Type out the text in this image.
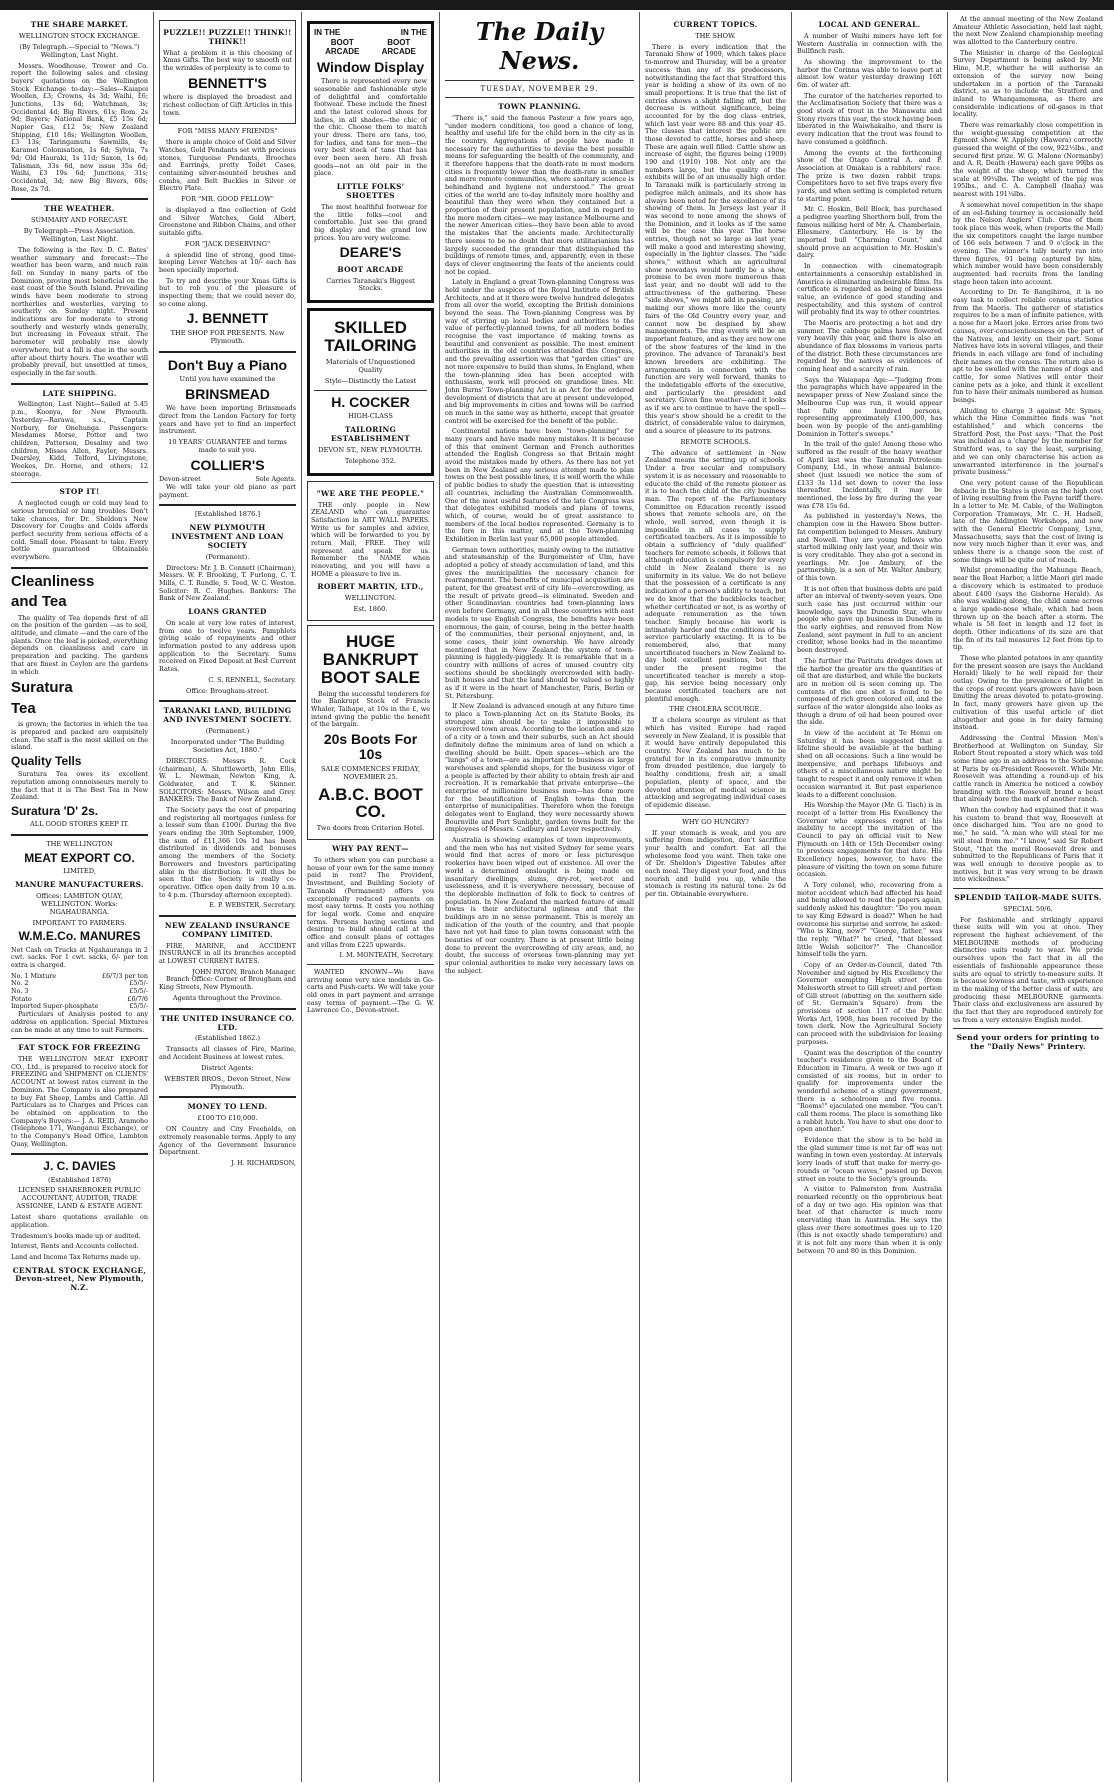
THE SHARE MARKET.
WELLINGTON STOCK EXCHANGE.
(By Telegraph.—Special to "News.") Wellington, Last Night.

Messrs. Woodhouse, Trower and Co. report the following sales and closing buyers' quotations on the Wellington Stock Exchange to-day:—Sales—Kaiapoi Woollen, £3; Crowns, 4s 3d; Waihi, £6; Junctions, 13s 6d; Watchman, 3s; Occidental 4d; Big Rivers, 61s; Rom. 2s 9d; Bayers; National Bank, £5 15s 6d; Napier Gas, £12 5s; New Zealand Shipping, £10 18s; Wellington Woollen, £3 13s; Taringamutu Sawmills, 4s; Karamel Colonisation, 1s 6d; Sylvia, 7s 9d; Old Hauraki, 1s 11d; Saxon, 1s 6d; Talisman, 33s 6d, new issue 35s 6d; Waihi, £3 19s 6d; Junctions, 31s; Occidental, 3d; new Big Rivers, 60s; Rose, 2s 7d.

THE WEATHER.
SUMMARY AND FORECAST.
By Telegraph—Press Association. Wellington, Last Night.

The following is the Rev. D. C. Bates' weather summary and forecast:—The weather has been warm, and much rain fell on Sunday in many parts of the Dominion, proving most beneficial on the east coast of the South Island. Prevailing winds have been moderate to strong northerlies and westerlies, varying to southerly on Sunday night. Present indications are for moderate to strong southerly and westerly winds generally, but increasing in Foveaux strait. The barometer will probably rise slowly everywhere, but a fall is due in the south after about thirty hours. The weather will probably prevail, but unsettled at times, especially in the far south.

LATE SHIPPING.

Wellington, Last Night—Sailed at 5.45 p.m., Koonya, for New Plymouth. Yesterday—Rarawa, s.s., Captain Norbury, for Onehunga. Passengers: Mesdames Morse, Potter and two children, Patterson, Desalmy and two children, Misses Allen, Fayler, Messrs. Dearsley, Kidd, Telford, Livingstone, Weekes, Dr. Horne, and others; 12 steerage.

STOP IT!

A neglected cough or cold may lead to serious bronchial or lung troubles. Don't take chances, for Dr. Sheldon's New Discovery for Coughs and Colds affords perfect security from serious effects of a cold. Small dose. Pleasant to take. Every bottle guaranteed Obtainable everywhere.

Cleanliness
and Tea

The quality of Tea depends first of all on the position of the garden —as to soil, altitude, and climate —and the care of the plants. Once the leaf is picked, everything depends on cleanliness and care in preparation and packing. The gardens that are finest in Ceylon are the gardens in which

Suratura
Tea

is grown; the factories in which the tea is prepared and packed are exquisitely clean. The staff is the most skilled on the island.

Quality Tells

Suratura Tea owes its excellent reputation among connoisseurs merely to the fact that it is The Best Tea in New Zealand.

Suratura 'D' 2s.
ALL GOOD STORES KEEP IT.
THE WELLINGTON
MEAT EXPORT CO.
LIMITED,
MANURE MANUFACTURERS.
Offices: LAMBTON QUAY, WELLINGTON. Works: NGAHAURANGA.
IMPORTANT TO FARMERS.
W.M.E.Co. MANURES

Net Cash on Trucks at Ngahauranga in 2 cwt. sacks. For 1 cwt. sacks, 6/- per ton extra is charged.

No. 1 Mixture	£6/7/3 per ton
No. 2	£5/5/-
No. 3	£5/5/-
Potato	£6/7/6
Imported Super-phosphate	£5/5/-

Particulars of Analysis posted to any address on application. Special Mixtures can be made at any time to suit Farmers.

FAT STOCK FOR FREEZING

THE WELLINGTON MEAT EXPORT CO., Ltd., is prepared to receive stock for FREEZING and SHIPMENT on CLIENTS' ACCOUNT at lowest rates current in the Dominion. The Company is also prepared to buy Fat Sheep, Lambs and Cattle. All Particulars as to Charges and Prices can be obtained on application to the Company's Buyers:— J. A. REID, Aramoho (Telephone 171, Wanganui Exchange), or to the Company's Head Office, Lambton Quay, Wellington.

J. C. DAVIES
(Established 1876)
LICENSED SHAREBROKER PUBLIC ACCOUNTANT, AUDITOR, TRADE ASSIGNEE, LAND & ESTATE AGENT.

Latest share quotations available on application.

Tradesmen's books made up or audited.

Interest, Rents and Accounts collected.

Land and Income Tax Returns made up.

CENTRAL STOCK EXCHANGE, Devon-street, New Plymouth, N.Z.
PUZZLE!! PUZZLE!! THINK!! THINK!!

What a problem it is this choosing of Xmas Gifts. The best way to smooth out the wrinkles of perplexity is to come to

BENNETT'S

where is displayed the broadest and richest collection of Gift Articles in this town.

FOR "MISS MANY FRIENDS"

there is ample choice of Gold and Silver Watches, Gold Pendants set with precious stones, Turquoise Pendants, Brooches and Earrings, pretty Toilet Cases, containing silver-mounted brushes and combs, and Belt Buckles in Silver or Electro Plate.

FOR "MR. GOOD FELLOW"

is displayed a fine collection of Gold and Silver Watches, Gold Albert, Greenstone and Ribbon Chains, and other suitable gifts.

FOR "JACK DESERVING"

a splendid line of strong, good time-keeping Lever Watches at 10/- each has been specially imported.

To try and describe your Xmas Gifts is but to rob you of the pleasure of inspecting them; that we could never do, so come along.

J. BENNETT
THE SHOP FOR PRESENTS. New Plymouth.
Don't Buy a Piano
Until you have examined the
BRINSMEAD

We have been importing Brinsmeads direct from the London Factory for forty years and have yet to find an imperfect instrument.

10 YEARS' GUARANTEE and terms made to suit you.
COLLIER'S
Devon-street	Sole Agents.

We will take your old piano as part payment.

[Established 1876.]
NEW PLYMOUTH INVESTMENT AND LOAN SOCIETY
(Permanent).

Directors: Mr. J. B. Connett (Chairman), Messrs. W. F. Brooking, T. Furlong, C. T. Mills, C. T. Rundle, S. Teed, W. C. Weston. Solicitor: R. C. Hughes. Bankers: The Bank of New Zealand.

LOANS GRANTED

On scale at very low rates of interest, from one to twelve years. Pamphlets giving scale of repayments and other information posted to any address upon application to the Secretary. Sums received on Fixed Deposit at Best Current Rates.

C. S. RENNELL, Secretary.
Office: Brougham-street.
TARANAKI LAND, BUILDING AND INVESTMENT SOCIETY.
(Permanent.)
Incorporated under "The Building Societies Act, 1880."

DIRECTORS: Messrs R. Cock (chairman), A. Shuttleworth, John Ellis, W. L. Newman, Newton King, A. Goldwater, and T. K. Skinner. SOLICITORS: Messrs. Wilson and Grey. BANKERS: The Bank of New Zealand.

The Society pays the cost of preparing and registering all mortgages (unless for a lesser sum than £100). During the five years ending the 30th September, 1909, the sum of £11,366 10s 1d has been distributed in dividends and bonuses among the members of the Society. Borrowers and Investors participating alike in the distribution. It will thus be seen that the Society is really co-operative. Office open daily from 10 a.m. to 4 p.m. (Thursday afternoon excepted).

E. P. WEBSTER, Secretary.
NEW ZEALAND INSURANCE COMPANY LIMITED.

FIRE, MARINE, and ACCIDENT INSURANCE in all its branches accepted at LOWEST CURRENT RATES.

JOHN PATON, Branch Manager.

Branch Office: Corner of Brougham and King Streets, New Plymouth.

Agents throughout the Province.
THE UNITED INSURANCE CO. LTD.
(Established 1862.)

Transacts all classes of Fire, Marine, and Accident Business at lowest rates.

District Agents:
WEBSTER BROS., Devon Street, New Plymouth.
MONEY TO LEND.
£100 TO £10,000.

ON Country and City Freeholds, on extremely reasonable terms. Apply to any Agency of the Government Insurance Department.

J. H. RICHARDSON,
IN THE	IN THE
BOOT ARCADE
BOOT ARCADE
Window Display

There is represented every new seasonable and fashionable style of delightful and comfortable footwear. These include the finest and the latest colored shoes for ladies, in all shades—the chic of the chic. Choose them to match your dress. There are tans, too, for ladies, and tans for men—the very best stock of tans that has ever been seen here. All fresh goods—not an old pair in the place.

LITTLE FOLKS' SHOETTES

The most healthful footwear for the little folks—cool and comfortable. Just see the grand big display and the grand low prices. You are very welcome.

DEARE'S
BOOT ARCADE
Carries Taranaki's Biggest Stocks.
SKILLED TAILORING
Materials of Unquestioned Quality
Style—Distinctly the Latest
H. COCKER
HIGH-CLASS
TAILORING ESTABLISHMENT
DEVON ST., NEW PLYMOUTH.
Telephone 352.
"WE ARE THE PEOPLE."

THE only people in New ZEALAND who can guarantee Satisfaction in ART WALL PAPERS. Write us for samples and advice, which will be forwarded to you by return Mail, FREE. They will represent and speak for us. Remember the NAME when renovating, and you will have a HOME a pleasure to live in.

ROBERT MARTIN, LTD.,
WELLINGTON.
Est. 1860.
HUGE BANKRUPT BOOT SALE

Being the successful tenderers for the Bankrupt Stock of Francis Whaler, Taihape, at 10s in the £, we intend giving the public the benefit of the bargain.

20s Boots For 10s
SALE COMMENCES FRIDAY, NOVEMBER 25.
A.B.C. BOOT CO.
Two doors from Criterion Hotel.
WHY PAY RENT—

To others when you can purchase a house of your own for the same money paid in rent? The Provident, Investment, and Building Society of Taranaki (Permanent) offers you exceptionally reduced payments on most easy terms. It costs you nothing for legal work. Come and enquire terms. Persons having sections and desiring to build should call at the office and consult plans of cottages and villas from £225 upwards.

I. M. MONTEATH, Secretary.

WANTED KNOWN—We have arriving some very nice models in Go-carts and Push-carts. We will take your old ones in part payment and arrange easy terms of payment.—The G. W. Lawrence Co., Devon-street.

The Daily News.
TUESDAY, NOVEMBER 29.
TOWN PLANNING.

"There is," said the famous Pasteur a few years ago, "under modern conditions, too good a chance of long, healthy and useful life for the child born in the city as in the country. Aggregations of people have made it necessary for the authorities to devise the best possible means for safeguarding the health of the community, and it therefore happens that the death-rate in most modern cities is frequently lower than the death-rate in smaller and more remote communities, where sanitary science is behindhand and hygiene not understood." The great cities of the world are to-day infinitely more healthy and beautiful than they were when they contained but a proportion of their present population, and in regard to the more modern cities—we may instance Melbourne and the newer American cities—they have been able to avoid the mistakes that the ancients made. Architecturally there seems to be no doubt that more utilitarianism has largely succeeded the grandeur that distinguished the buildings of remote times, and, apparently, even in these days of clever engineering the feats of the ancients could not be copied.

Lately in England a great Town-planning Congress was held under the auspices of the Royal Institute of British Architects, and at it there were twelve hundred delegates from all over the world, excepting the British dominions beyond the seas. The Town-planning Congress was by way of stirring up local bodies and authorities to the value of perfectly-planned towns, for all modern bodies recognise the vast importance of making towns as beautiful and convenient as possible. The most eminent authorities in the old countries attended this Congress, and the prevailing assertion was that "garden cities" are not more expensive to build than slums. In England, when the town-planning idea has been accepted with enthusiasm, work will proceed on grandiose lines. Mr. John Burns' Town-planning Act is an Act for the ordered development of districts that are at present undeveloped, and big improvements in cities and towns will be carried on much in the same way as hitherto, except that greater control will be exercised for the benefit of the public.

Continental nations have been "town-planning" for many years and have made many mistakes. It is because of this that eminent German and French authorities attended the English Congress so that Britain might avoid the mistakes made by others. As there has not yet been in New Zealand any serious attempt made to plan towns on the best possible lines, it is well worth the while of public bodies to study the question that is interesting all countries, including the Australian Commonwealth. One of the most useful features of the late Congress was that delegates exhibited models and plans of towns, which, of course, would be of great assistance to members of the local bodies represented. Germany is to the fore in this matter, and at the Town-planning Exhibition in Berlin last year 65,000 people attended.

German town authorities, mainly owing to the initiative and statesmanship of the Burgomeister of Ulm, have adopted a policy of steady accumulation of land, and this gives the municipalities the necessary chance for rearrangement. The benefits of municipal acquisition are patent, for the greatest evil of city life—overcrowding, as the result of private greed—is eliminated. Sweden and other Scandinavian countries had town-planning laws even before Germany, and in all these countries with east models to use English Congress, the benefits have been enormous, the gain, of course, being in the better health of the communities, their personal enjoyment, and, in some cases, their joint ownership. We have already mentioned that in New Zealand the system of town-planning is higgledy-piggledy. It is remarkable that in a country with millions of acres of unused country city sections should be shockingly overcrowded with badly-built houses and that the land should be valued so highly as if it were in the heart of Manchester, Paris, Berlin or St. Petersburg.

If New Zealand is advanced enough at any future time to place a Town-planning Act on its Statute Books, its strongest aim should be to make it impossible to overcrowd town areas. According to the location and size of a city or a town and their suburbs, such an Act should definitely define the minimum area of land on which a dwelling should be built. Open spaces—which are the "lungs" of a town—are as important to business as large warehouses and splendid shops, for the business vigor of a people is affected by their ability to obtain fresh air and recreation. It is remarkable that private enterprise—the enterprise of millionaire business men—has done more for the beautification of English towns than the enterprise of municipalities. Therefore when the foreign delegates went to England, they were necessarily shown Bournville and Port Sunlight, garden towns built for the employees of Messrs. Cadbury and Lever respectively.

Australia is showing examples of town improvements, and the men who has not visited Sydney for some years would find that acres of more or less picturesque rookeries have been wiped out of existence. All over the world a determined onslaught is being made on insanitary dwellings, slums, dry-rot, wet-rot and uselessness, and it is everywhere necessary, because of the deplorable inclination of folk to flock to centres of population. In New Zealand the marked feature of small towns is their architectural ugliness and that the buildings are in no sense permanent. This is merely an indication of the youth of the country, and that people have not yet had time to plan towns consonant with the beauties of our country. There is at present little being done to prevent the overcrowding of city areas, and, no doubt, the success of overseas town-planning may yet spur colonial authorities to make very necessary laws on the subject.

CURRENT TOPICS.
THE SHOW.

There is every indication that the Taranaki Show of 1909, which takes place to-morrow and Thursday, will be a greater success than any of its predecessors, notwithstanding the fact that Stratford this year is holding a show of its own of no small proportions. It is true that the list of entries shows a slight falling off, but the decrease is without significance, being accounted for by the dog class entries, which last year were 88 and this year 45. The classes that interest the public are those devoted to cattle, horses and sheep. These are again well filled. Cattle show an increase of eight, the figures being (1909) 190 and (1910) 198. Not only are the numbers large, but the quality of the exhibits will be of an unusually high order. In Taranaki milk is particularly strong in pedigree milch animals, and its show has always been noted for the excellence of its showing of them. In Jerseys last year it was second to none among the shows of the Dominion, and it looks as if the same will be the case this year. The horse entries, though not so large as last year, will make a good and interesting showing, especially in the lighter classes. The "side shows," without which an agricultural show nowadays would hardly be a show, promise to be even more numerous than last year, and no doubt will add to the attractiveness of the gathering. These "side shows," we might add in passing, are making our shows more like the county fairs of the Old Country every year, and cannot now be despised by show managements. The ring events will be an important feature, and as they are now one of the show features of the kind in the province. The advance of Taranaki's best known breeders are exhibiting. The arrangements in connection with the function are very well forward, thanks to the indefatigable efforts of the executive, and particularly the president and secretary. Given fine weather—and it looks as if we are to continue to have the spell—this year's show should be a credit to the district, of considerable value to dairymen, and a source of pleasure to its patrons.

REMOTE SCHOOLS.

The advance of settlement in New Zealand means the setting up of schools. Under a free secular and compulsory system it is as necessary and reasonable to educate the child of the remote pioneer as it is to teach the child of the city business man. The report of the Parliamentary Committee on Education recently issued shows that remote schools are, on the whole, well served, even though it is impossible in all cases to supply certificated teachers. As it is impossible to obtain a sufficiency of "duly qualified" teachers for remote schools, it follows that although education is compulsory for every child in New Zealand there is no uniformity in its value. We do not believe that the possession of a certificate is any indication of a person's ability to teach, but we do know that the backblocks teacher, whether certificated or not, is as worthy of adequate remuneration as the town teacher. Simply because his work is intimately harder and the conditions of his service particularly exacting. It is to be remembered, also, that many uncertificated teachers in New Zealand to-day hold excellent positions, but that under the present regime the uncertificated teacher is merely a stop-gap, his service being necessary only because certificated teachers are not plentiful enough.

THE CHOLERA SCOURGE.

If a cholera scourge as virulent as that which has visited Europe had raged severely in New Zealand, it is possible that it would have entirely depopulated this country. New Zealand has much to be grateful for in its comparative immunity from dreaded pestilence, due largely to healthy conditions, fresh air, a small population, plenty of space, and the devoted attention of medical science in attacking and segregating individual cases of epidemic disease.

WHY GO HUNGRY?

If your stomach is weak, and you are suffering from indigestion, don't sacrifice your health and comfort. Eat all the wholesome food you want. Then take one of Dr. Sheldon's Digestive Tabules after each meal. They digest your food, and thus nourish and build you up, while the stomach is resting its natural tone. 2s 6d per tin. Obtainable everywhere.

LOCAL AND GENERAL.

A number of Waihi miners have left for Western Australia in connection with the Bullfinch rush.

As showing the improvement to the harbor the Corinna was able to leave port at almost low water yesterday drawing 16ft 6in. of water aft.

The curator of the hatcheries reported to the Acclimatisation Society that there was a good stock of trout in the Manawatu and Stony rivers this year, the stock having been liberated in the Waiwhakaiho, and there is every indication that the trout was found to have consumed a goldfinch.

Among the events at the forthcoming show of the Otago Central A. and P. Association at Omakau is a rabbiters' race. The prize is two dozen rabbit traps. Competitors have to set five traps every five yards, and when setting is completed return to starting point.

Mr. C. Hoskin, Bell Block, has purchased a pedigree yearling Shorthorn bull, from the famous milking herd of Mr. A. Chamberlain, Ellesmere, Canterbury. He is by the imported bull "Charming Count," and should prove an acquisition to Mr. Hoskin's dairy.

In connection with cinematograph entertainments a censorship established in America is eliminating undesirable films. Its certificate is regarded as being of business value, an evidence of good standing and respectability, and this system of control will probably find its way to other countries.

The Maoris are protecting a hot and dry summer. The cabbage palms have flowered very heavily this year, and there is also an abundance of flax blossoms in various parts of the district. Both these circumstances are regarded by the natives as evidences of coming heat and a scarcity of rain.

Says the Waiapapa Age:—"Judging from the paragraphs which have appeared in the newspaper press of New Zealand since the Melbourne Cup was run, it would appear that fully one hundred persons, representing approximately £100,000, has been won by people of the anti-gambling Dominion in Totter's sweeps."

In the trail of the gale! Among those who suffered as the result of the heavy weather of April last was the Taranaki Petroleum Company, Ltd., in whose annual balance-sheet (just issued) we notice the sum of £133 3s 11d set down to cover the loss thereafter. Incidentally, it may be mentioned, the loss by fire during the year was £78 15s 6d.

As published in yesterday's News, the champion cow in the Hawera Show butter-fat competition belonged to Messrs. Ambury and Nowell. They are young fellows who started milking only last year, and their win is very creditable. They also got a second in yearlings. Mr. Joe Ambury, of the partnership, is a son of Mr. Walter Ambury, of this town.

It is not often that business debts are paid after an interval of twenty-seven years. One such case has just occurred within our knowledge, says the Dunedin Star, where people who gave up business in Dunedin in the early eighties, and removed from New Zealand, sent payment in full to an ancient creditor, whose books had in the meantime been destroyed.

The further the Paritutu dredges down at the harbor the greater are the quantities of oil that are disturbed, and while the buckets are in motion oil is seen coming up. The contents of the one shot is found to be composed of rich green colored oil, and the surface of the water alongside also looks as though a drum of oil had been poured over the side.

In view of the accident at Te Henui on Saturday it has been suggested that a lifeline should be available at the bathing shed on all occasions. Such a line would be inexpensive, and perhaps lifebuoys and others of a miscellaneous nature might be taught to respect it and only remove it when occasion warranted it. But past experience leads to a different conclusion.

His Worship the Mayor (Mr. G. Tisch) is in receipt of a letter from His Excellency the Governor who expresses regret at his inability to accept the invitation of the Council to pay an official visit to New Plymouth on 14th or 15th December owing to previous engagements for that date. His Excellency hopes, however, to have the pleasure of visiting the town on some future occasion.

A Tory colonel, who, recovering from a motor accident which had affected his head and being allowed to read the papers again, suddenly asked his daughter: "Do you mean to say King Edward is dead?" When he had overcome his surprise and sorrow, he asked: "Who is King, now?" "George, father," was the reply. "What?" he cried, "that blessed little Welsh solicitor?" The Chancellor himself tells the yarn.

Copy of an Order-in-Council, dated 7th November and signed by His Excellency the Governor exempting High street (from Molesworth street to Gill street) and portion of Gill street (abutting on the southern side of St. Germain's Square) from the provisions of section 117 of the Public Works Act, 1908, has been received by the town clerk. Now the Agricultural Society can proceed with the subdivision for leasing purposes.

Quaint was the description of the country teacher's residence given to the Board of Education in Timaru. A week or two ago it consisted of six rooms, but in order to qualify for improvements under the wonderful scheme of a stingy government, there is a schoolroom and five rooms. "Rooms!" ejaculated one member. "You can't call them rooms. The place is something like a rabbit hutch. You have to shut one door to open another."

Evidence that the show is to be held in the glad summer time is not far off was not wanting in town even yesterday. At intervals lorry loads of stuff that make for merry-go-rounds or "ocean waves," passed up Devon street en route to the Society's grounds.

A visitor to Palmerston from Australia remarked recently on the opprobrious heat of a day or two ago. His opinion was that heat of that character is much more enervating than in Australia. He says the glass over there sometimes goes up to 120 (this is not exactly shade temperature) and it is not felt any more than when it is only between 70 and 80 in this Dominion.

At the annual meeting of the New Zealand Amateur Athletic Association, held last night, the next New Zealand championship meeting was allotted to the Canterbury centre.

The Minister in charge of the Geological Survey Department is being asked by Mr. Hine, M.P., whether he will authorise an extension of the survey now being undertaken in a portion of the Taranaki district, so as to include the Stratford and inland to Whangamomona, as there are considerable indications of oil-gases in that locality.

There was remarkably close competition in the weight-guessing competition at the Egmont show. W. Appleby (Hawera) correctly guessed the weight of the cow, 922½lbs., and secured first prize. W. G. Malone (Normanby) and A. R. Death (Hawera) each gave 99lbs as the weight of the sheep, which turned the scale at 99¼lbs. The weight of the pig was 195lbs., and C. A. Campbell (Inaha) was nearest with 191¼lbs.

A somewhat novel competition in the shape of an eel-fishing tourney is occasionally held by the Nelson Anglers' Club. One of them took place this week, when (reports the Mail) the six competitors caught the large number of 166 eels between 7 and 9 o'clock in the evening. The winner's tally nearly ran into three figures, 91 being captured by him, which number would have been considerably augmented had recruits from the landing stage been taken into account.

According to Dr. Te Rangihiroa, it is no easy task to collect reliable census statistics from the Maoris. The gatherer of statistics requires to be a man of infinite patience, with a nose for a Maori joke. Errors arise from two causes, over-conscientiousness on the part of the Natives, and levity on their part. Some Natives have lots in several villages, and their friends in each village are fond of including their names on the census. The return also is apt to be swelled with the names of dogs and cattle, for some Natives will enter their canine pets as a joke, and think it excellent fun to have their animals numbered as human beings.

Alluding to charge 3 against Mr. Symes, which the Hine Committee finds was "not established," and which concerns the Stratford Post, the Post says: "That the Post was included as a 'charge' by the member for Stratford was, to say the least, surprising, and we can only characterise his action as unwarranted interference in the journal's private business."

One very potent cause of the Republican debacle in the States is given as the high cost of living resulting from the Payne tariff there. In a letter to Mr. M. Cable, of the Wellington Corporation Tramways, Mr. C. H. Hadsell, late of the Addington Workshops, and now with the General Electric Company, Lynn, Massachusetts, says that the cost of living is now very much higher than it ever was, and unless there is a change soon the cost of some things will be quite out of reach.

Whilst promenading the Mahunga Beach, near the Boat Harbor, a little Maori girl made a discovery which is estimated to produce about £400 (says the Gisborne Herald). As she was walking along, the child came across a large spade-nose whale, which had been thrown up on the beach after a storm. The whale is 58 feet in length and 12 feet in depth. Other indications of its size are that the fin of its tail measures 12 feet from tip to tip.

Those who planted potatoes in any quantity for the present season are (says the Auckland Herald) likely to be well repaid for their outlay. Owing to the prevalence of blight in the crops of recent years growers have been limiting the areas devoted to potato-growing. In fact, many growers have given up the cultivation of this useful article of diet altogether and gone in for dairy farming instead.

Addressing the Central Mission Men's Brotherhood at Wellington on Sunday, Sir Robert Stout repeated a story which was told some time ago in an address to the Sorbonne at Paris by ex-President Roosevelt. While Mr. Roosevelt was attending a round-up of his cattle ranch in America he noticed a cowboy branding with the Roosevelt brand a beast that already bore the mark of another ranch.

When the cowboy had explained that it was his custom to brand that way, Roosevelt at once discharged him. "You are no good to me," he said. "A man who will steal for me will steal from me." "I know," said Sir Robert Stout, "that the moral Roosevelt drew and submitted to the Republicans of Paris that it was well enough to deceive people as to motives, but it was very wrong to be drawn into wickedness."

SPLENDID TAILOR-MADE SUITS.
SPECIAL 59/6.

For fashionable and strikingly apparel these suits will win you at once. They represent the highest achievement of the MELBOURNE methods of producing distinctive suits ready to wear. We pride ourselves upon the fact that in all the essentials of fashionable appearance these suits are equal to strictly to-measure suits. It is because lowness and taste, with experience in the making of the better class of suits, are producing these MELBOURNE garments. Their class and exclusiveness are assured by the fact that they are reproduced entirely for us from a very extensive English model.

Send your orders for printing to the "Daily News" Printery.
